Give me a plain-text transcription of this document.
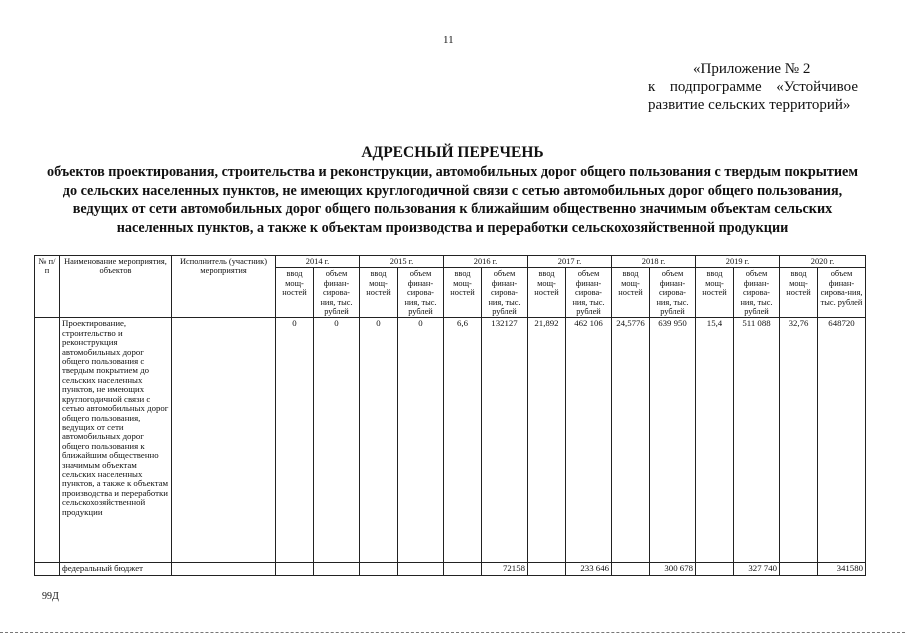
11
«Приложение № 2
к подпрограмме «Устойчивое
развитие сельских территорий»
АДРЕСНЫЙ ПЕРЕЧЕНЬ
объектов проектирования, строительства и реконструкции, автомобильных дорог общего пользования с твердым покрытием до сельских населенных пунктов, не имеющих круглогодичной связи с сетью автомобильных дорог общего пользования, ведущих от сети автомобильных дорог общего пользования к ближайшим общественно значимым объектам сельских населенных пунктов, а также к объектам производства и переработки сельскохозяйственной продукции
№ п/п	Наименование мероприятия, объектов	Исполнитель (участник) мероприятия	2014 г.		2015 г.		2016 г.		2017 г.		2018 г.		2019 г.		2020 г.	
			ввод мощ-ностей	объем финан-сирова-ния, тыс. рублей	ввод мощ-ностей	объем финан-сирова-ния, тыс. рублей	ввод мощ-ностей	объем финан-сирова-ния, тыс. рублей	ввод мощ-ностей	объем финан-сирова-ния, тыс. рублей	ввод мощ-ностей	объем финан-сирова-ния, тыс. рублей	ввод мощ-ностей	объем финан-сирова-ния, тыс. рублей	ввод мощ-ностей	объем финан-сирова-ния, тыс. рублей
	Проектирование, строительство и реконструкция автомобильных дорог общего пользования с твердым покрытием до сельских населенных пунктов, не имеющих круглогодичной связи с сетью автомобильных дорог общего пользования, ведущих от сети автомобильных дорог общего пользования к ближайшим общественно значимым объектам сельских населенных пунктов, а также к объектам производства и переработки сельскохозяйственной продукции		0	0	0	0	6,6	132127	21,892	462 106	24,5776	639 950	15,4	511 088	32,76	648720
	федеральный бюджет							72158		233 646		300 678		327 740		341580
99Д
